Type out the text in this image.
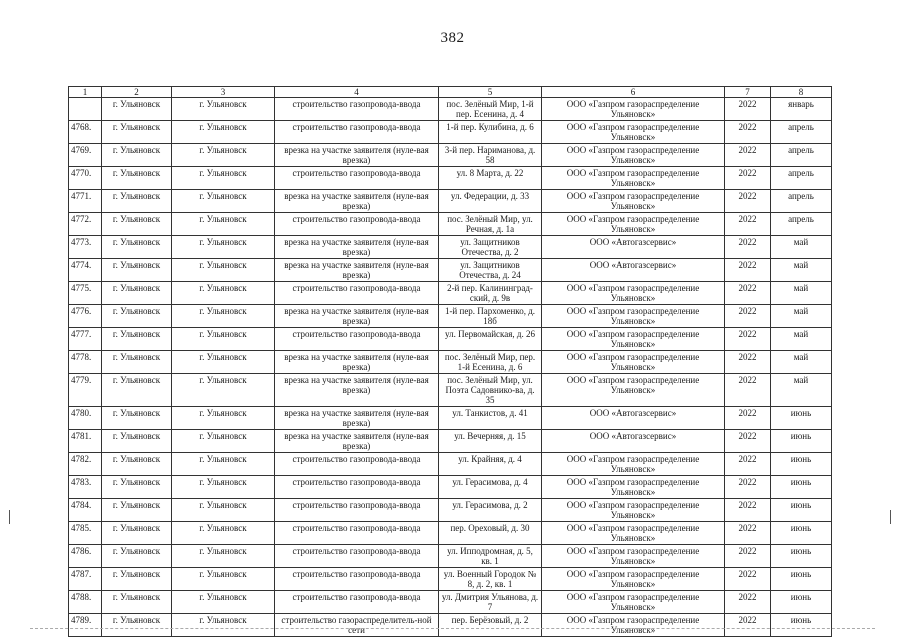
382
1	2	3	4	5	6	7	8
	г. Ульяновск	г. Ульяновск	строительство газопровода-ввода	пос. Зелёный Мир, 1-й пер. Есенина, д. 4	ООО «Газпром газораспределение Ульяновск»	2022	январь
4768.	г. Ульяновск	г. Ульяновск	строительство газопровода-ввода	1-й пер. Кулибина, д. 6	ООО «Газпром газораспределение Ульяновск»	2022	апрель
4769.	г. Ульяновск	г. Ульяновск	врезка на участке заявителя (нуле-вая врезка)	3-й пер. Нариманова, д. 58	ООО «Газпром газораспределение Ульяновск»	2022	апрель
4770.	г. Ульяновск	г. Ульяновск	строительство газопровода-ввода	ул. 8 Марта, д. 22	ООО «Газпром газораспределение Ульяновск»	2022	апрель
4771.	г. Ульяновск	г. Ульяновск	врезка на участке заявителя (нуле-вая врезка)	ул. Федерации, д. 33	ООО «Газпром газораспределение Ульяновск»	2022	апрель
4772.	г. Ульяновск	г. Ульяновск	строительство газопровода-ввода	пос. Зелёный Мир, ул. Речная, д. 1а	ООО «Газпром газораспределение Ульяновск»	2022	апрель
4773.	г. Ульяновск	г. Ульяновск	врезка на участке заявителя (нуле-вая врезка)	ул. Защитников Отечества, д. 2	ООО «Автогазсервис»	2022	май
4774.	г. Ульяновск	г. Ульяновск	врезка на участке заявителя (нуле-вая врезка)	ул. Защитников Отечества, д. 24	ООО «Автогазсервис»	2022	май
4775.	г. Ульяновск	г. Ульяновск	строительство газопровода-ввода	2-й пер. Калининград-ский, д. 9в	ООО «Газпром газораспределение Ульяновск»	2022	май
4776.	г. Ульяновск	г. Ульяновск	врезка на участке заявителя (нуле-вая врезка)	1-й пер. Пархоменко, д. 18б	ООО «Газпром газораспределение Ульяновск»	2022	май
4777.	г. Ульяновск	г. Ульяновск	строительство газопровода-ввода	ул. Первомайская, д. 26	ООО «Газпром газораспределение Ульяновск»	2022	май
4778.	г. Ульяновск	г. Ульяновск	врезка на участке заявителя (нуле-вая врезка)	пос. Зелёный Мир, пер. 1-й Есенина, д. 6	ООО «Газпром газораспределение Ульяновск»	2022	май
4779.	г. Ульяновск	г. Ульяновск	врезка на участке заявителя (нуле-вая врезка)	пос. Зелёный Мир, ул. Поэта Садовнико-ва, д. 35	ООО «Газпром газораспределение Ульяновск»	2022	май
4780.	г. Ульяновск	г. Ульяновск	врезка на участке заявителя (нуле-вая врезка)	ул. Танкистов, д. 41	ООО «Автогазсервис»	2022	июнь
4781.	г. Ульяновск	г. Ульяновск	врезка на участке заявителя (нуле-вая врезка)	ул. Вечерняя, д. 15	ООО «Автогазсервис»	2022	июнь
4782.	г. Ульяновск	г. Ульяновск	строительство газопровода-ввода	ул. Крайняя, д. 4	ООО «Газпром газораспределение Ульяновск»	2022	июнь
4783.	г. Ульяновск	г. Ульяновск	строительство газопровода-ввода	ул. Герасимова, д. 4	ООО «Газпром газораспределение Ульяновск»	2022	июнь
4784.	г. Ульяновск	г. Ульяновск	строительство газопровода-ввода	ул. Герасимова, д. 2	ООО «Газпром газораспределение Ульяновск»	2022	июнь
4785.	г. Ульяновск	г. Ульяновск	строительство газопровода-ввода	пер. Ореховый, д. 30	ООО «Газпром газораспределение Ульяновск»	2022	июнь
4786.	г. Ульяновск	г. Ульяновск	строительство газопровода-ввода	ул. Ипподромная, д. 5, кв. 1	ООО «Газпром газораспределение Ульяновск»	2022	июнь
4787.	г. Ульяновск	г. Ульяновск	строительство газопровода-ввода	ул. Военный Городок № 8, д. 2, кв. 1	ООО «Газпром газораспределение Ульяновск»	2022	июнь
4788.	г. Ульяновск	г. Ульяновск	строительство газопровода-ввода	ул. Дмитрия Ульянова, д. 7	ООО «Газпром газораспределение Ульяновск»	2022	июнь
4789.	г. Ульяновск	г. Ульяновск	строительство газораспределитель-ной сети	пер. Берёзовый, д. 2	ООО «Газпром газораспределение Ульяновск»	2022	июнь
